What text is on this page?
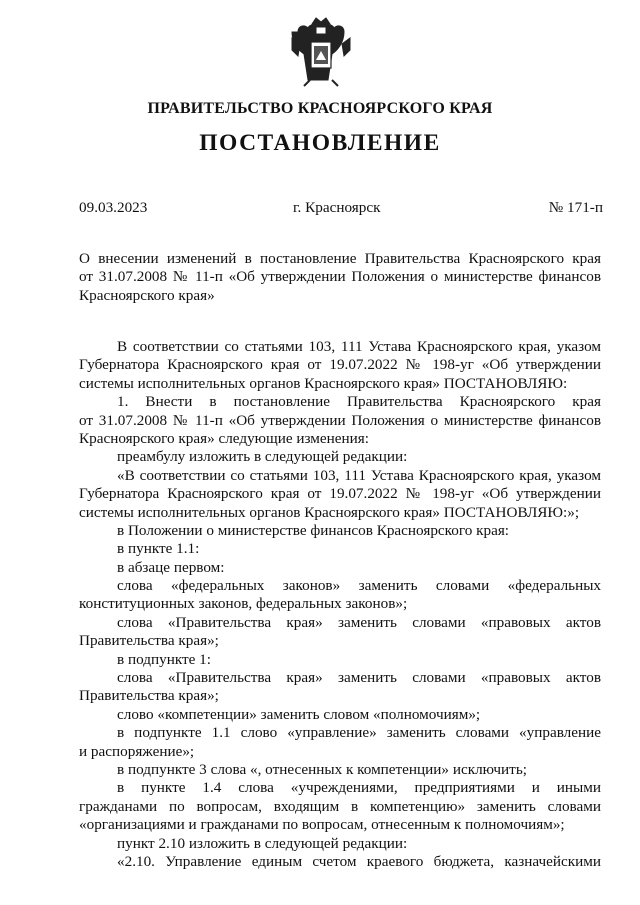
ПРАВИТЕЛЬСТВО КРАСНОЯРСКОГО КРАЯ
ПОСТАНОВЛЕНИЕ
09.03.2023	г. Красноярск	№ 171-п
О внесении изменений в постановление Правительства Красноярского края
от 31.07.2008 № 11-п «Об утверждении Положения о министерстве финансов
Красноярского края»
В соответствии со статьями 103, 111 Устава Красноярского края, указом
Губернатора Красноярского края от 19.07.2022 № 198-уг «Об утверждении
системы исполнительных органов Красноярского края» ПОСТАНОВЛЯЮ:
1. Внести в постановление Правительства Красноярского края
от 31.07.2008 № 11-п «Об утверждении Положения о министерстве финансов
Красноярского края» следующие изменения:
преамбулу изложить в следующей редакции:
«В соответствии со статьями 103, 111 Устава Красноярского края, указом
Губернатора Красноярского края от 19.07.2022 № 198-уг «Об утверждении
системы исполнительных органов Красноярского края» ПОСТАНОВЛЯЮ:»;
в Положении о министерстве финансов Красноярского края:
в пункте 1.1:
в абзаце первом:
слова «федеральных законов» заменить словами «федеральных
конституционных законов, федеральных законов»;
слова «Правительства края» заменить словами «правовых актов
Правительства края»;
в подпункте 1:
слова «Правительства края» заменить словами «правовых актов
Правительства края»;
слово «компетенции» заменить словом «полномочиям»;
в подпункте 1.1 слово «управление» заменить словами «управление
и распоряжение»;
в подпункте 3 слова «, отнесенных к компетенции» исключить;
в пункте 1.4 слова «учреждениями, предприятиями и иными
гражданами по вопросам, входящим в компетенцию» заменить словами
«организациями и гражданами по вопросам, отнесенным к полномочиям»;
пункт 2.10 изложить в следующей редакции:
«2.10. Управление единым счетом краевого бюджета, казначейскими
